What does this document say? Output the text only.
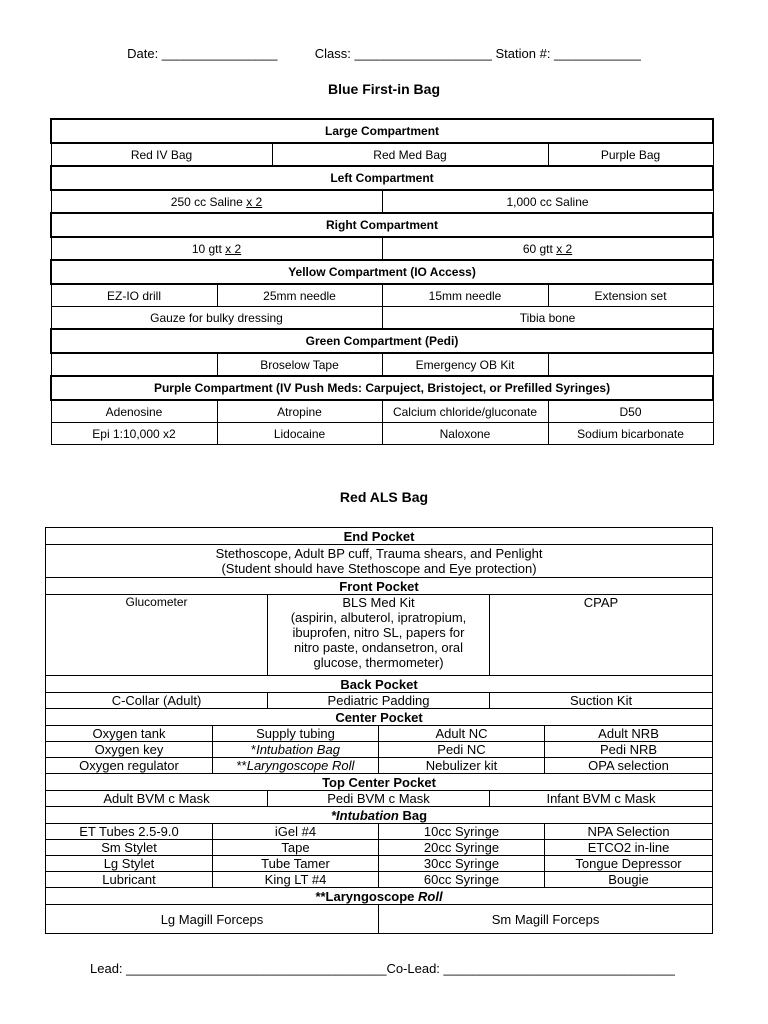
Date: ________________	Class: ___________________ Station #: ____________
Blue First-in Bag
Large Compartment				
Red IV Bag		Red Med Bag		Purple Bag
Left Compartment				
250 cc Saline x 2			1,000 cc Saline	
Right Compartment				
10 gtt x 2			60 gtt x 2	
Yellow Compartment (IO Access)				
EZ-IO drill	25mm needle		15mm needle	Extension set
Gauze for bulky dressing			Tibia bone	
Green Compartment (Pedi)				
	Broselow Tape		Emergency OB Kit	
Purple Compartment (IV Push Meds: Carpuject, Bristoject, or Prefilled Syringes)				
Adenosine	Atropine		Calcium chloride/gluconate	D50
Epi 1:10,000 x2	Lidocaine		Naloxone	Sodium bicarbonate
Red ALS Bag
End Pocket					

Stethoscope, Adult BP cuff, Trauma shears, and Penlight
(Student should have Stethoscope and Eye protection)					

Front Pocket					
Glucometer		BLS Med Kit
(aspirin, albuterol, ipratropium,
ibuprofen, nitro SL, papers for
nitro paste, ondansetron, oral
glucose, thermometer)		CPAP	
Back Pocket					
C-Collar (Adult)		Pediatric Padding		Suction Kit	
Center Pocket					
Oxygen tank	Supply tubing		Adult NC		Adult NRB
Oxygen key	*Intubation Bag		Pedi NC		Pedi NRB
Oxygen regulator	**Laryngoscope Roll		Nebulizer kit		OPA selection
Top Center Pocket					
Adult BVM c Mask		Pedi BVM c Mask		Infant BVM c Mask	
*Intubation Bag					
ET Tubes 2.5-9.0	iGel #4		10cc Syringe		NPA Selection
Sm Stylet	Tape		20cc Syringe		ETCO2 in-line
Lg Stylet	Tube Tamer		30cc Syringe		Tongue Depressor
Lubricant	King LT #4		60cc Syringe		Bougie
**Laryngoscope Roll					
Lg Magill Forceps			Sm Magill Forceps		
Lead: ____________________________________Co-Lead: ________________________________
